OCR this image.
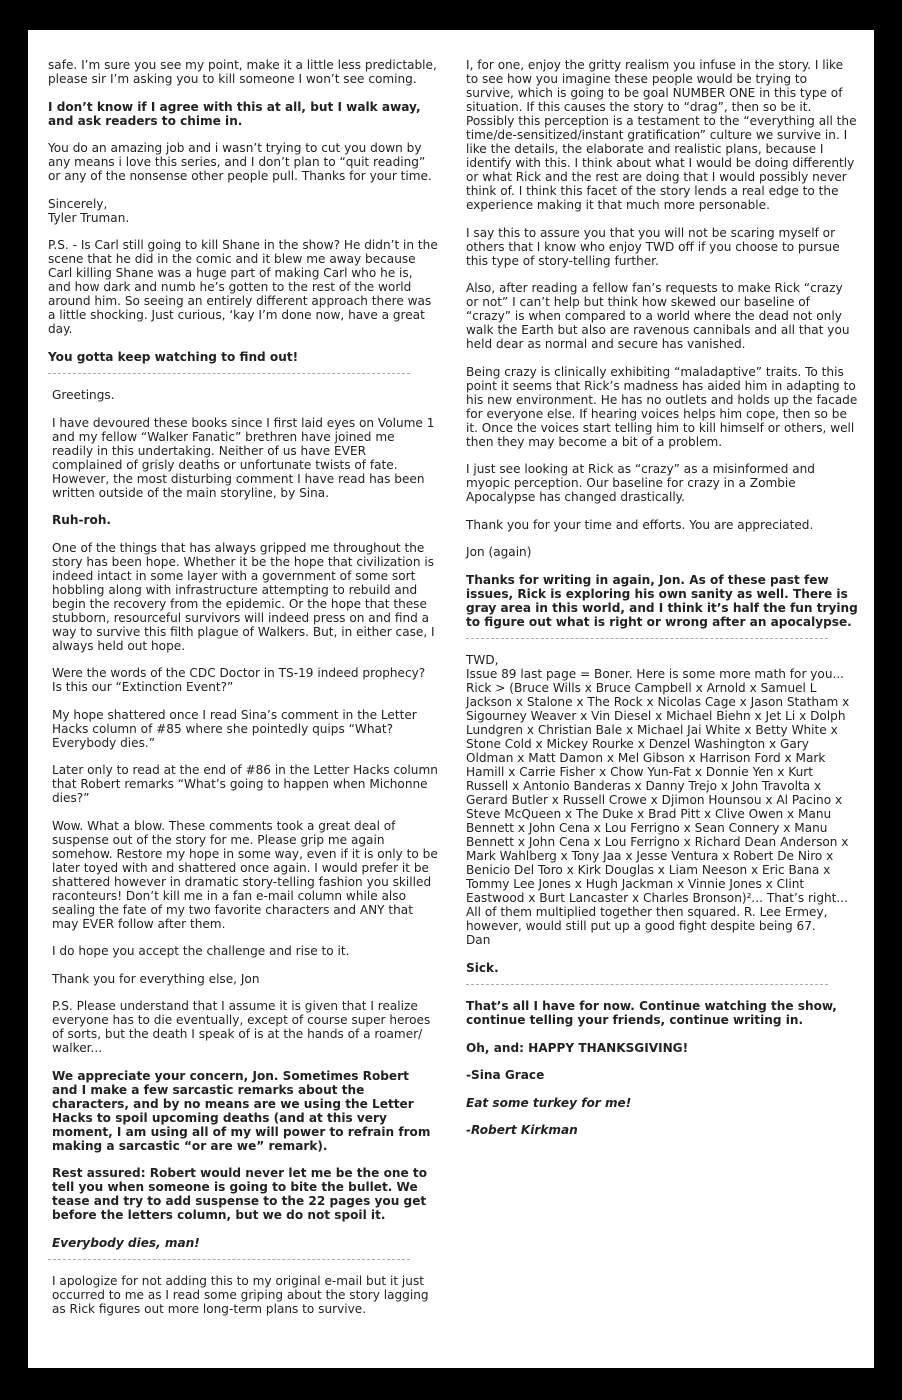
safe. I’m sure you see my point, make it a little less predictable, please sir I’m asking you to kill someone I won’t see coming.

I don’t know if I agree with this at all, but I walk away, and ask readers to chime in.

You do an amazing job and i wasn’t trying to cut you down by any means i love this series, and I don’t plan to “quit reading” or any of the nonsense other people pull. Thanks for your time.

Sincerely,
Tyler Truman.

P.S. - Is Carl still going to kill Shane in the show? He didn’t in the scene that he did in the comic and it blew me away because Carl killing Shane was a huge part of making Carl who he is, and how dark and numb he’s gotten to the rest of the world around him. So seeing an entirely different approach there was a little shocking. Just curious, ‘kay I’m done now, have a great day.

You gotta keep watching to find out!

Greetings.

I have devoured these books since I first laid eyes on Volume 1 and my fellow “Walker Fanatic” brethren have joined me readily in this undertaking. Neither of us have EVER complained of grisly deaths or unfortunate twists of fate. However, the most disturbing comment I have read has been written outside of the main storyline, by Sina.

Ruh-roh.

One of the things that has always gripped me throughout the story has been hope. Whether it be the hope that civilization is indeed intact in some layer with a government of some sort hobbling along with infrastructure attempting to rebuild and begin the recovery from the epidemic. Or the hope that these stubborn, resourceful survivors will indeed press on and find a way to survive this filth plague of Walkers. But, in either case, I always held out hope.

Were the words of the CDC Doctor in TS-19 indeed prophecy? Is this our “Extinction Event?”

My hope shattered once I read Sina’s comment in the Letter Hacks column of #85 where she pointedly quips “What? Everybody dies.”

Later only to read at the end of #86 in the Letter Hacks column that Robert remarks “What’s going to happen when Michonne dies?”

Wow. What a blow. These comments took a great deal of suspense out of the story for me. Please grip me again somehow. Restore my hope in some way, even if it is only to be later toyed with and shattered once again. I would prefer it be shattered however in dramatic story-telling fashion you skilled raconteurs! Don’t kill me in a fan e-mail column while also sealing the fate of my two favorite characters and ANY that may EVER follow after them.

I do hope you accept the challenge and rise to it.

Thank you for everything else, Jon

P.S. Please understand that I assume it is given that I realize everyone has to die eventually, except of course super heroes of sorts, but the death I speak of is at the hands of a roamer/ walker...

We appreciate your concern, Jon. Sometimes Robert and I make a few sarcastic remarks about the characters, and by no means are we using the Letter Hacks to spoil upcoming deaths (and at this very moment, I am using all of my will power to refrain from making a sarcastic “or are we” remark).

Rest assured: Robert would never let me be the one to tell you when someone is going to bite the bullet. We tease and try to add suspense to the 22 pages you get before the letters column, but we do not spoil it.

Everybody dies, man!

I apologize for not adding this to my original e-mail but it just occurred to me as I read some griping about the story lagging as Rick figures out more long-term plans to survive.

I, for one, enjoy the gritty realism you infuse in the story. I like to see how you imagine these people would be trying to survive, which is going to be goal NUMBER ONE in this type of situation. If this causes the story to “drag”, then so be it. Possibly this perception is a testament to the “everything all the time/de-sensitized/instant gratification” culture we survive in. I like the details, the elaborate and realistic plans, because I identify with this. I think about what I would be doing differently or what Rick and the rest are doing that I would possibly never think of. I think this facet of the story lends a real edge to the experience making it that much more personable.

I say this to assure you that you will not be scaring myself or others that I know who enjoy TWD off if you choose to pursue this type of story-telling further.

Also, after reading a fellow fan’s requests to make Rick “crazy or not” I can’t help but think how skewed our baseline of “crazy” is when compared to a world where the dead not only walk the Earth but also are ravenous cannibals and all that you held dear as normal and secure has vanished.

Being crazy is clinically exhibiting “maladaptive” traits. To this point it seems that Rick’s madness has aided him in adapting to his new environment. He has no outlets and holds up the facade for everyone else. If hearing voices helps him cope, then so be it. Once the voices start telling him to kill himself or others, well then they may become a bit of a problem.

I just see looking at Rick as “crazy” as a misinformed and myopic perception. Our baseline for crazy in a Zombie Apocalypse has changed drastically.

Thank you for your time and efforts. You are appreciated.

Jon (again)

Thanks for writing in again, Jon. As of these past few issues, Rick is exploring his own sanity as well. There is gray area in this world, and I think it’s half the fun trying to figure out what is right or wrong after an apocalypse.

TWD,
Issue 89 last page = Boner. Here is some more math for you... Rick > (Bruce Wills x Bruce Campbell x Arnold x Samuel L Jackson x Stalone x The Rock x Nicolas Cage x Jason Statham x Sigourney Weaver x Vin Diesel x Michael Biehn x Jet Li x Dolph Lundgren x Christian Bale x Michael Jai White x Betty White x Stone Cold x Mickey Rourke x Denzel Washington x Gary Oldman x Matt Damon x Mel Gibson x Harrison Ford x Mark Hamill x Carrie Fisher x Chow Yun-Fat x Donnie Yen x Kurt Russell x Antonio Banderas x Danny Trejo x John Travolta x Gerard Butler x Russell Crowe x Djimon Hounsou x Al Pacino x Steve McQueen x The Duke x Brad Pitt x Clive Owen x Manu Bennett x John Cena x Lou Ferrigno x Sean Connery x Manu Bennett x John Cena x Lou Ferrigno x Richard Dean Anderson x Mark Wahlberg x Tony Jaa x Jesse Ventura x Robert De Niro x Benicio Del Toro x Kirk Douglas x Liam Neeson x Eric Bana x Tommy Lee Jones x Hugh Jackman x Vinnie Jones x Clint Eastwood x Burt Lancaster x Charles Bronson)²... That’s right... All of them multiplied together then squared. R. Lee Ermey, however, would still put up a good fight despite being 67.
Dan

Sick.

That’s all I have for now. Continue watching the show, continue telling your friends, continue writing in.

Oh, and: HAPPY THANKSGIVING!

-Sina Grace

Eat some turkey for me!

-Robert Kirkman
